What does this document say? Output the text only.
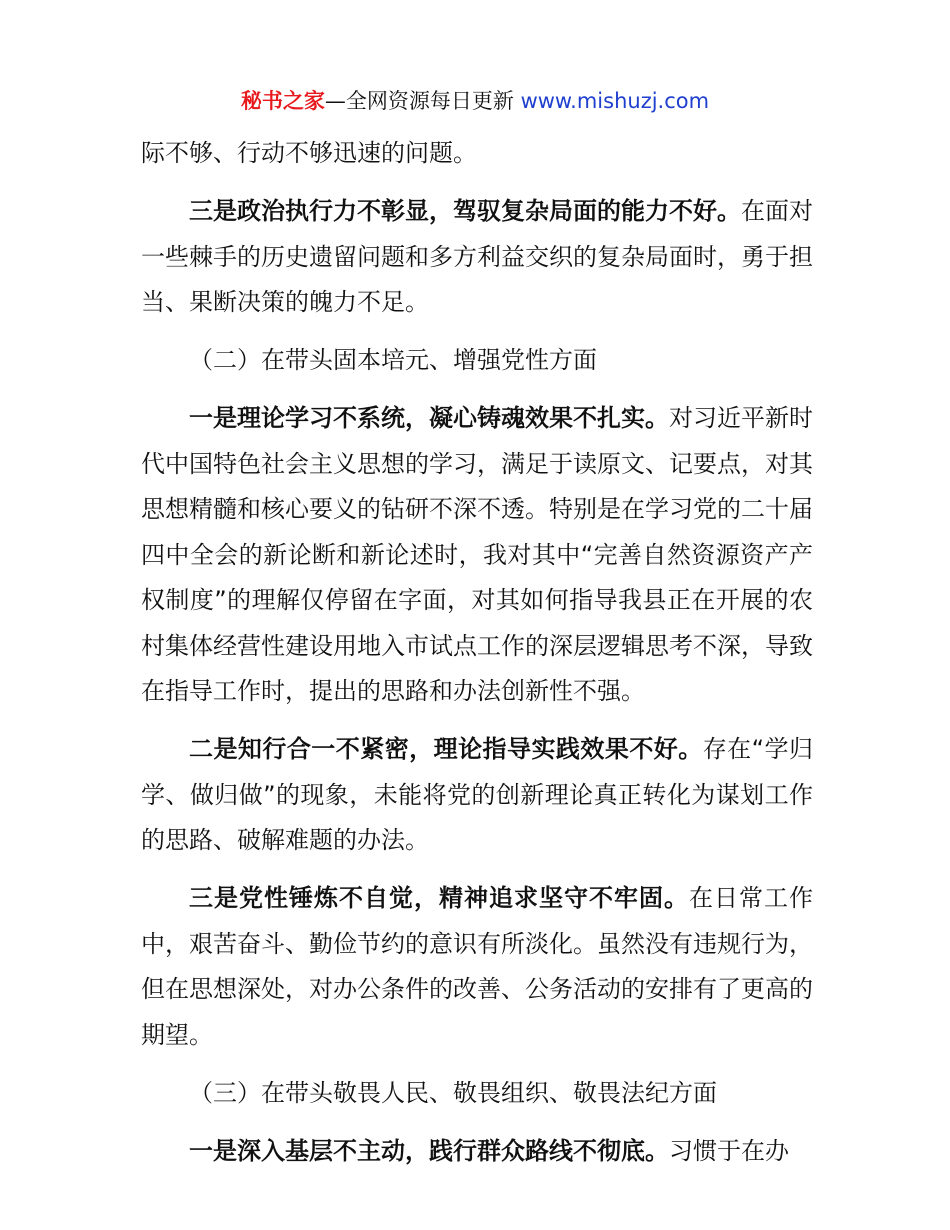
秘书之家—全网资源每日更新 www.mishuzj.com

际不够、行动不够迅速的问题。

三是政治执行力不彰显，驾驭复杂局面的能力不好。在面对一些棘手的历史遗留问题和多方利益交织的复杂局面时，勇于担当、果断决策的魄力不足。

（二）在带头固本培元、增强党性方面

一是理论学习不系统，凝心铸魂效果不扎实。对习近平新时代中国特色社会主义思想的学习，满足于读原文、记要点，对其思想精髓和核心要义的钻研不深不透。特别是在学习党的二十届四中全会的新论断和新论述时，我对其中“完善自然资源资产产权制度”的理解仅停留在字面，对其如何指导我县正在开展的农村集体经营性建设用地入市试点工作的深层逻辑思考不深，导致在指导工作时，提出的思路和办法创新性不强。

二是知行合一不紧密，理论指导实践效果不好。存在“学归学、做归做”的现象，未能将党的创新理论真正转化为谋划工作的思路、破解难题的办法。

三是党性锤炼不自觉，精神追求坚守不牢固。在日常工作中，艰苦奋斗、勤俭节约的意识有所淡化。虽然没有违规行为，但在思想深处，对办公条件的改善、公务活动的安排有了更高的期望。

（三）在带头敬畏人民、敬畏组织、敬畏法纪方面

一是深入基层不主动，践行群众路线不彻底。习惯于在办
